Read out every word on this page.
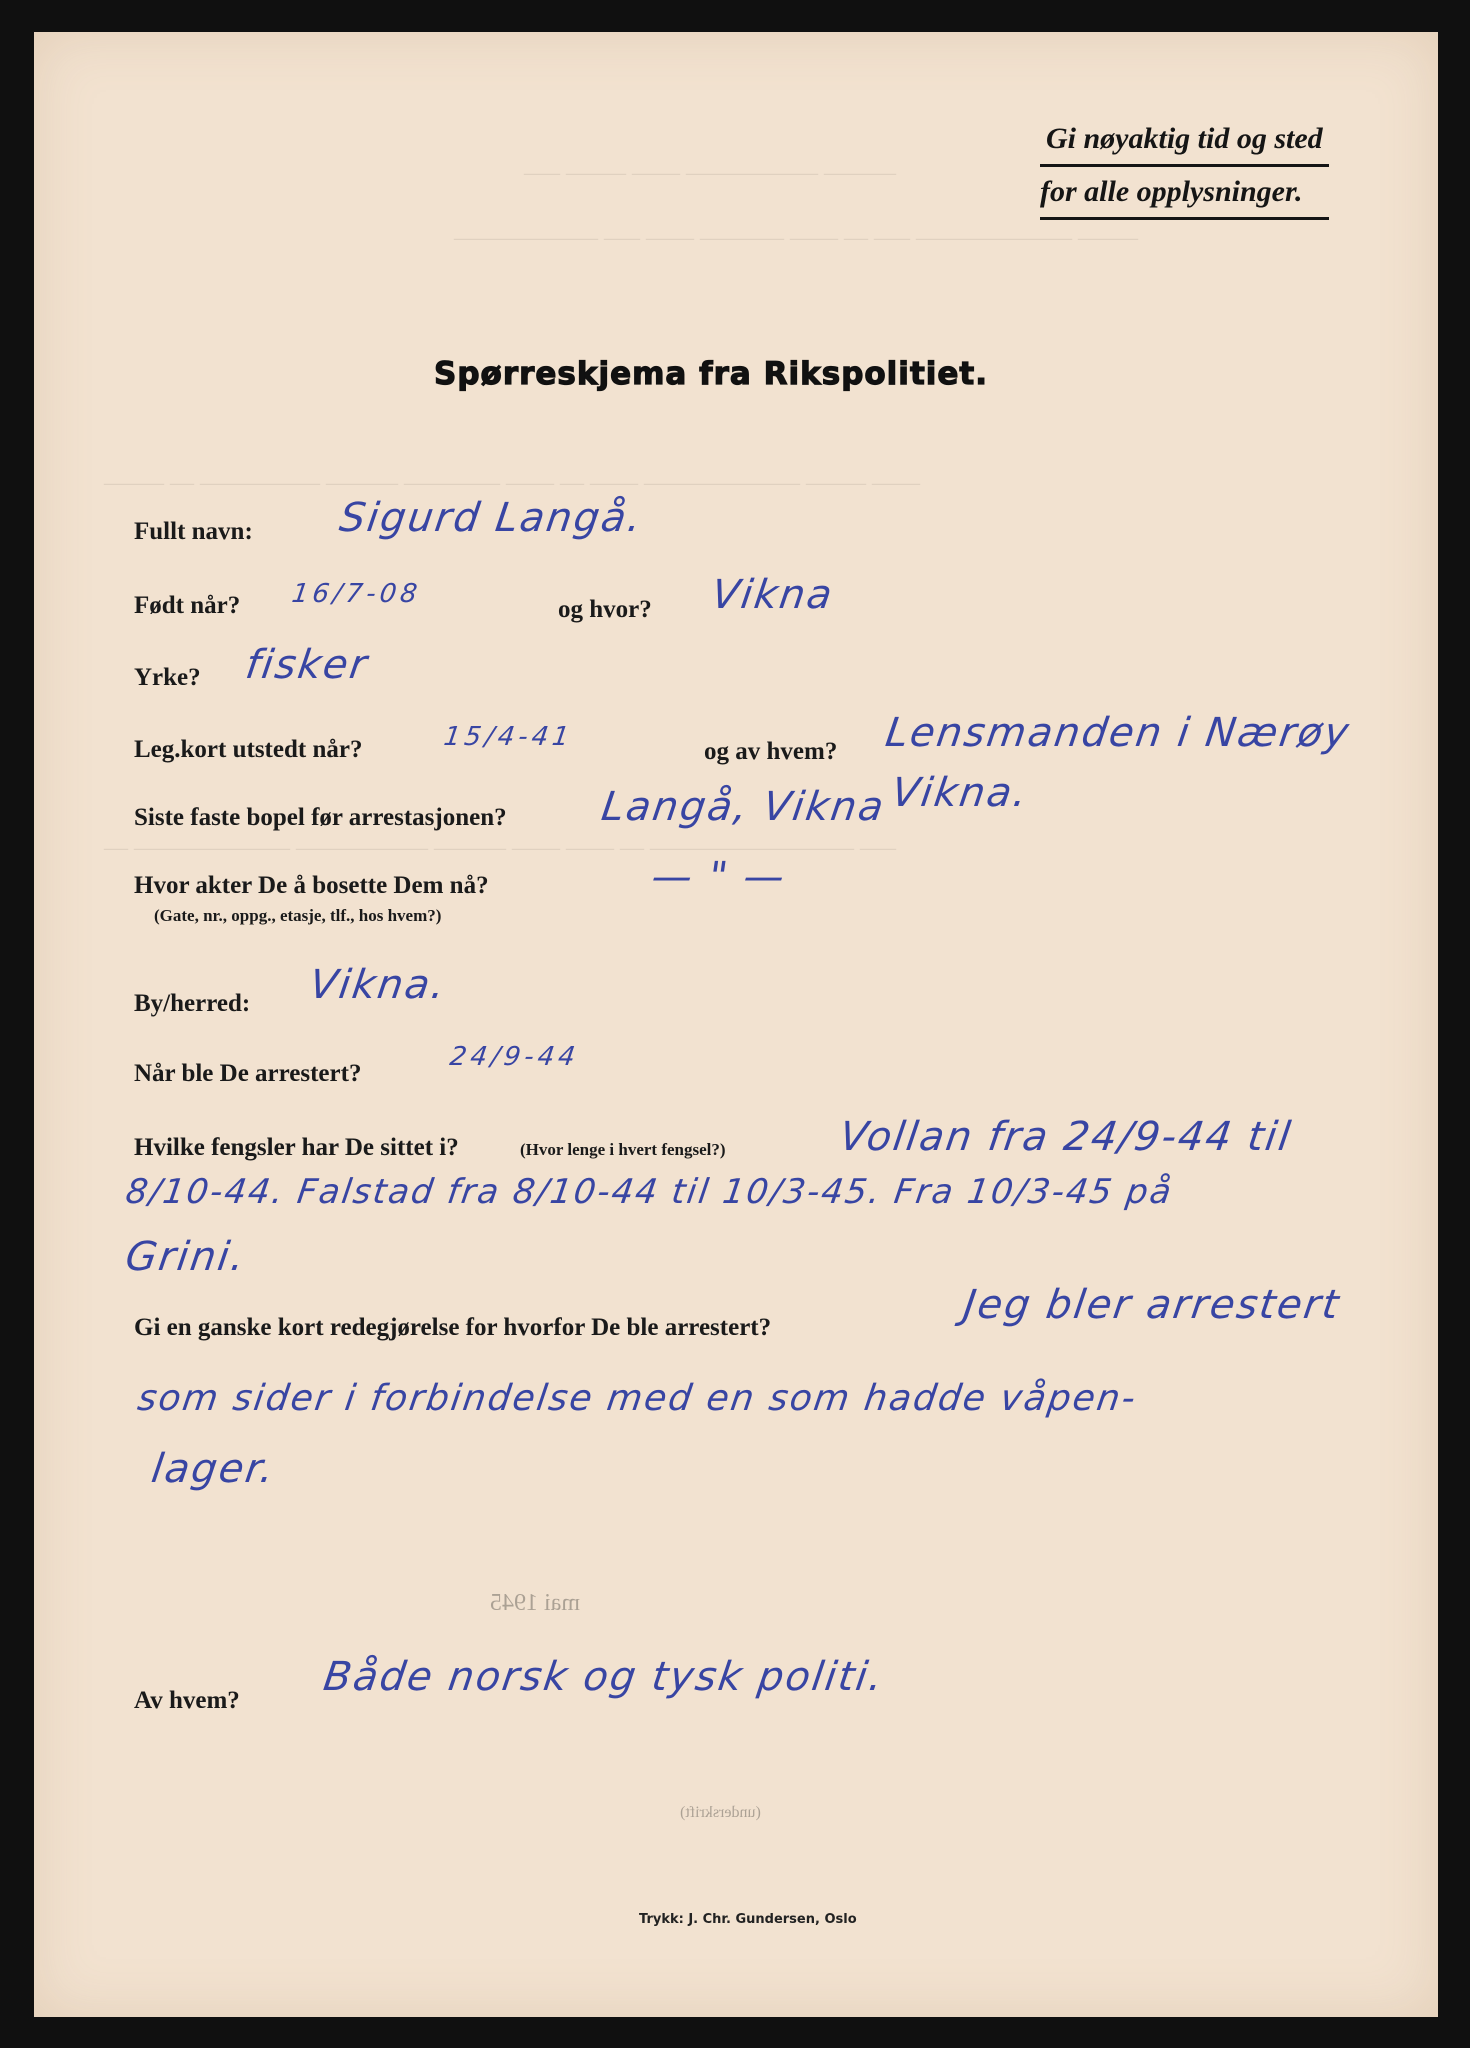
___ _____ ____ ___________ ______
____________ ___ ____ _______ ____ __ ___ _____________ _____
_____ __ __________ ______ ________ ____ __ ____ _____________ _____ ____
__ _____________ ___________ ______ ____ ____ __ _________________ ___
Gi nøyaktig tid og sted
for alle opplysninger.
Spørreskjema fra Rikspolitiet.
Fullt navn: Sigurd Langå.
Født når? 16/7-08
og hvor? Vikna
Yrke? fisker
Leg.kort utstedt når?	15/4-41	og av hvem? Lensmanden i Nærøy
Vikna.
Siste faste bopel før arrestasjonen? Langå, Vikna
Hvor akter De å bosette Dem nå?
(Gate, nr., oppg., etasje, tlf., hos hvem?)
— " —
By/herred: Vikna.
Når ble De arrestert?
24/9-44
Hvilke fengsler har De sittet i?	(Hvor lenge i hvert fengsel?)	Vollan fra 24/9-44 til
8/10-44. Falstad fra 8/10-44 til 10/3-45. Fra 10/3-45 på
Grini.
Gi en ganske kort redegjørelse for hvorfor De ble arrestert?	Jeg bler arrestert
som sider i forbindelse med en som hadde våpen-
lager.
mai 1945
Av hvem?
Både norsk og tysk politi.
(underskrift)
Trykk: J. Chr. Gundersen, Oslo
